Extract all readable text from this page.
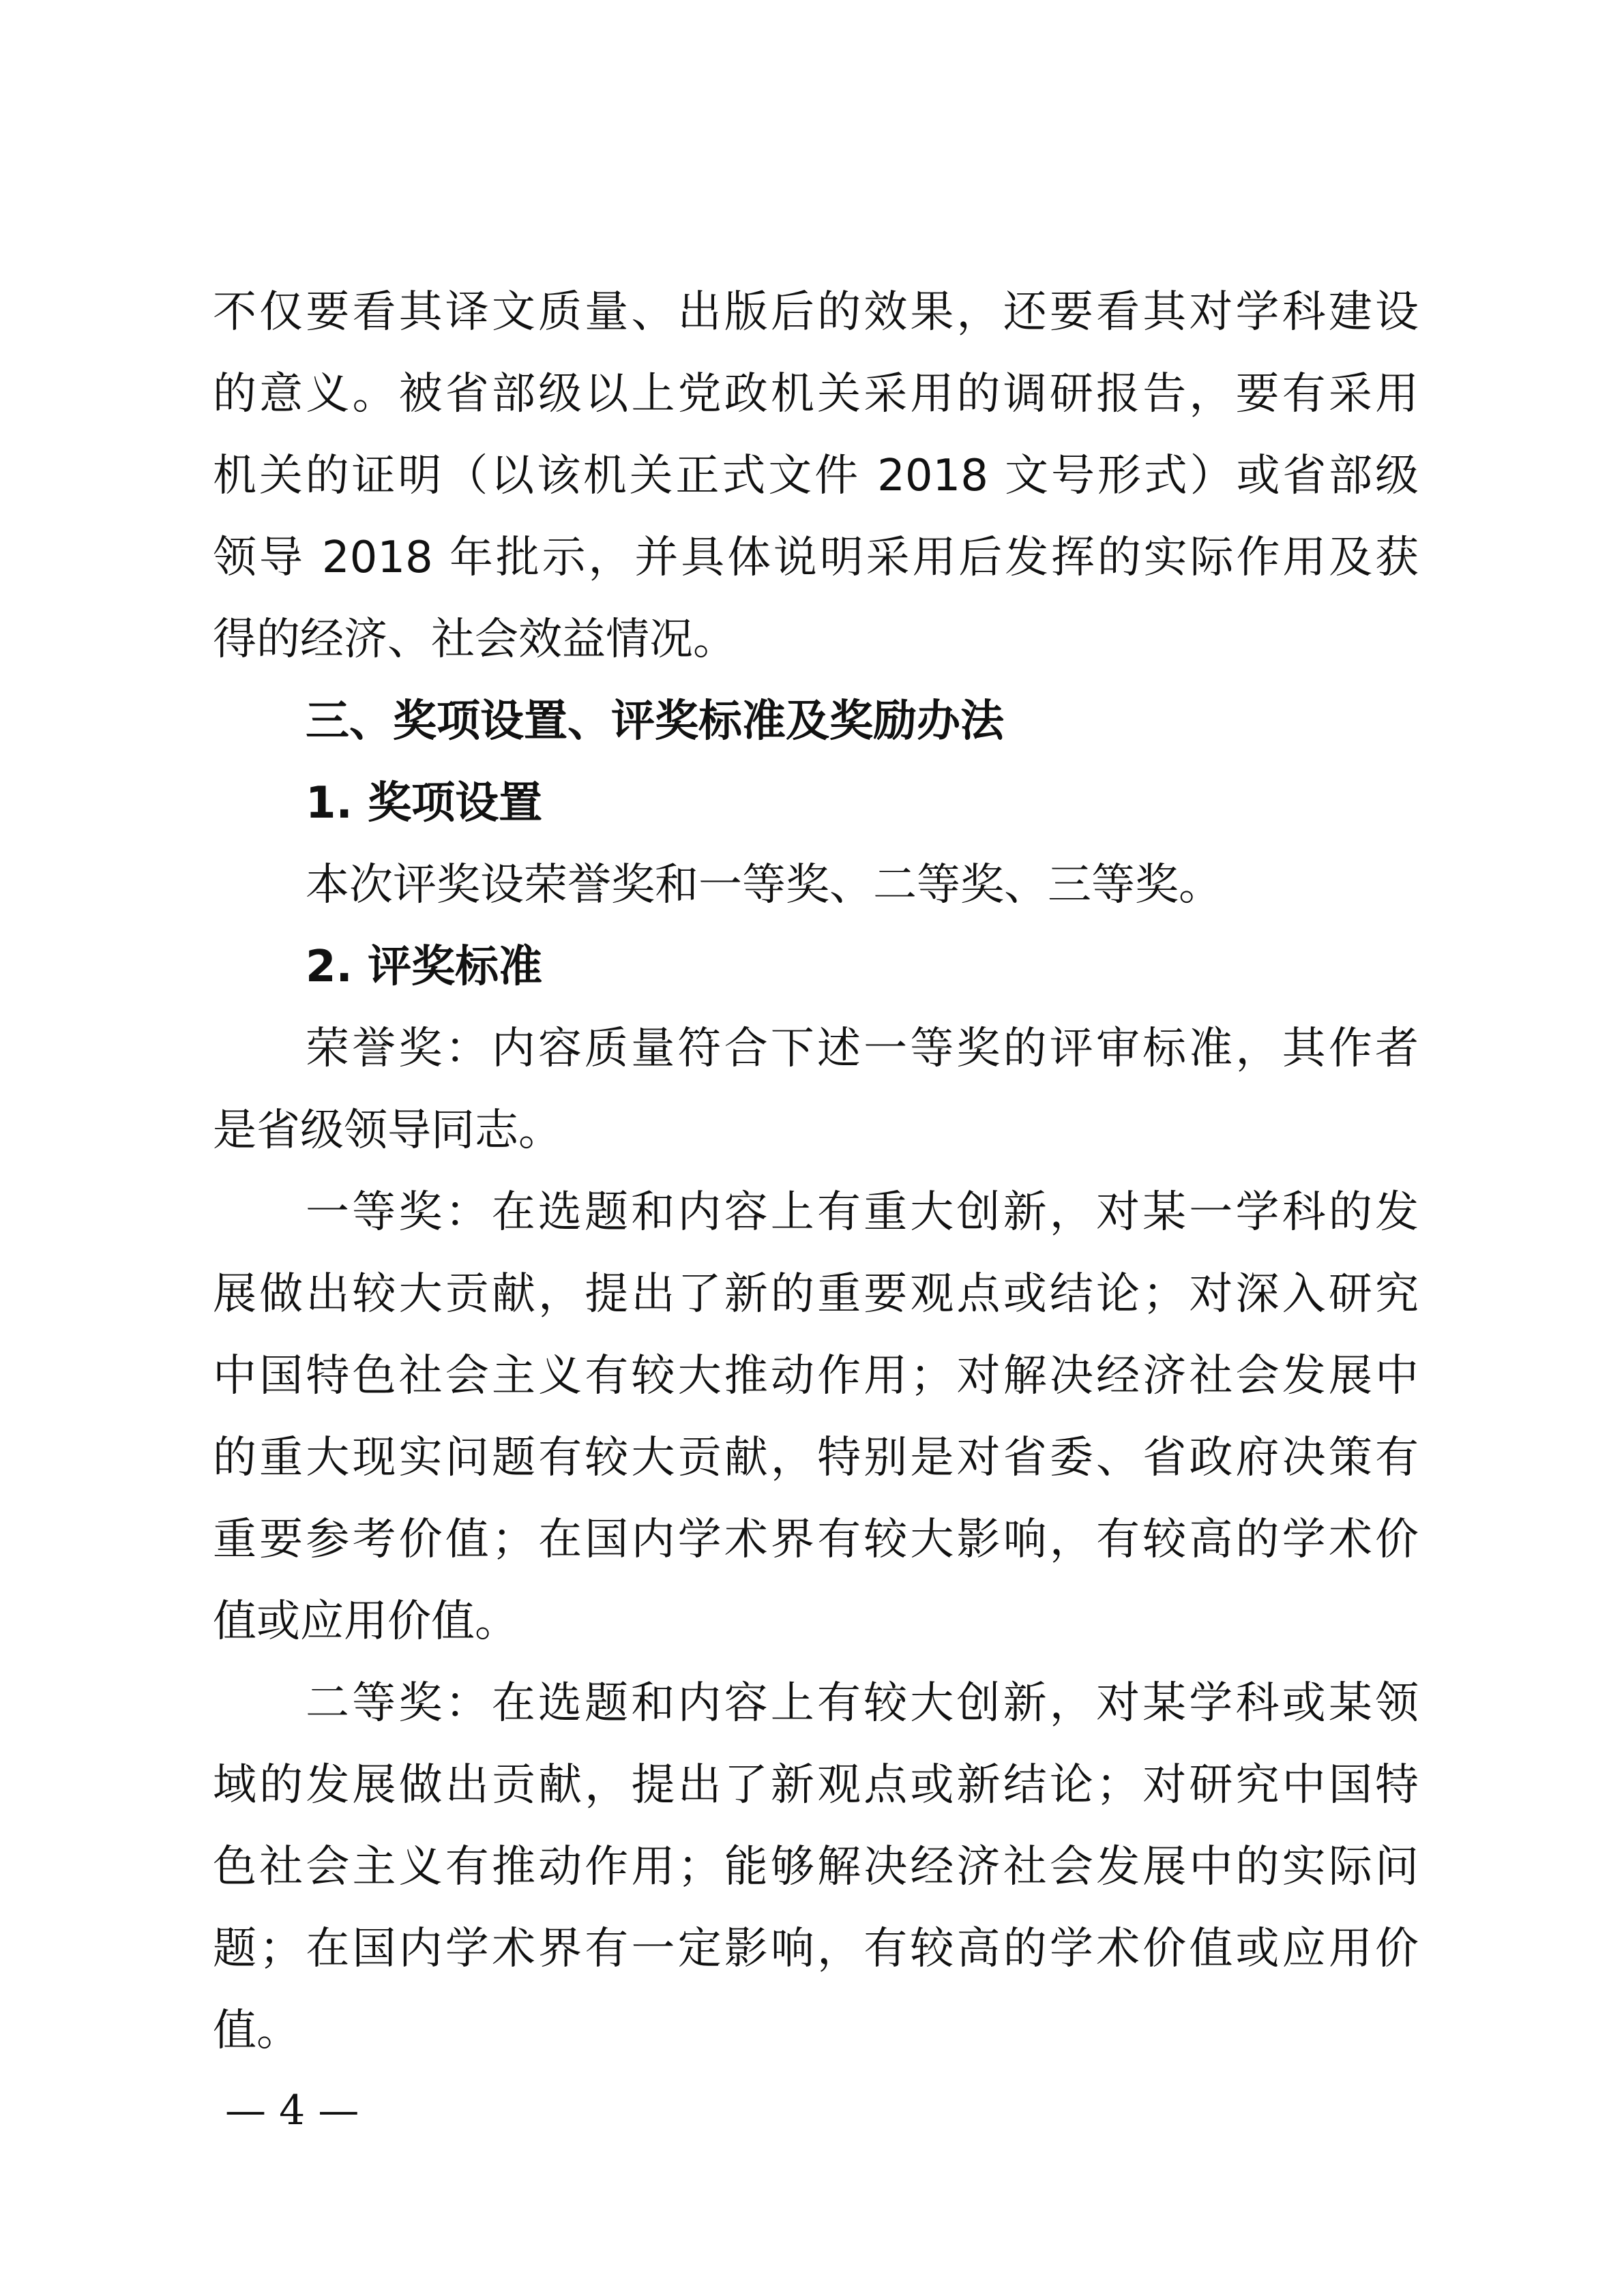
不仅要看其译文质量、出版后的效果，还要看其对学科建设
的意义。被省部级以上党政机关采用的调研报告，要有采用
机关的证明（以该机关正式文件 2018 文号形式）或省部级
领导 2018 年批示，并具体说明采用后发挥的实际作用及获
得的经济、社会效益情况。
三、奖项设置、评奖标准及奖励办法
1. 奖项设置
本次评奖设荣誉奖和一等奖、二等奖、三等奖。
2. 评奖标准
荣誉奖：内容质量符合下述一等奖的评审标准，其作者
是省级领导同志。
一等奖：在选题和内容上有重大创新，对某一学科的发
展做出较大贡献，提出了新的重要观点或结论；对深入研究
中国特色社会主义有较大推动作用；对解决经济社会发展中
的重大现实问题有较大贡献，特别是对省委、省政府决策有
重要参考价值；在国内学术界有较大影响，有较高的学术价
值或应用价值。
二等奖：在选题和内容上有较大创新，对某学科或某领
域的发展做出贡献，提出了新观点或新结论；对研究中国特
色社会主义有推动作用；能够解决经济社会发展中的实际问
题；在国内学术界有一定影响，有较高的学术价值或应用价
值。
— 4 —
